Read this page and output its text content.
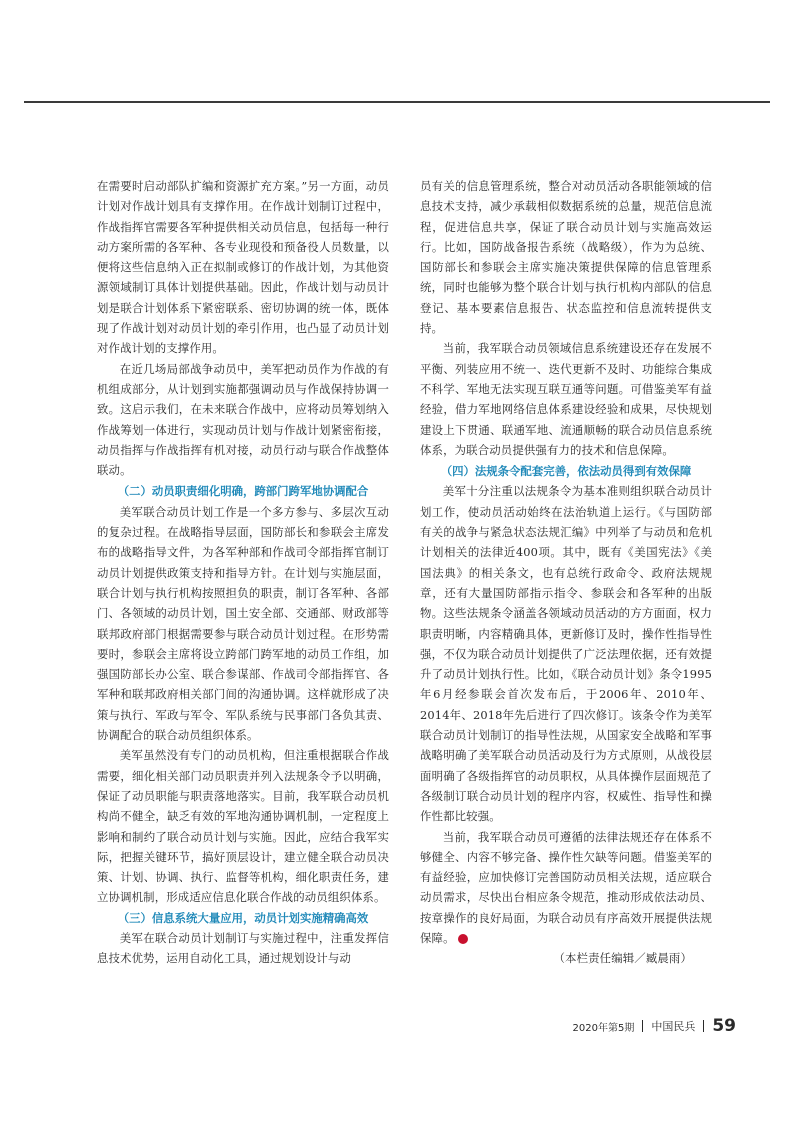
在需要时启动部队扩编和资源扩充方案。”另一方面，动员计划对作战计划具有支撑作用。在作战计划制订过程中，作战指挥官需要各军种提供相关动员信息，包括每一种行动方案所需的各军种、各专业现役和预备役人员数量，以便将这些信息纳入正在拟制或修订的作战计划，为其他资源领域制订具体计划提供基础。因此，作战计划与动员计划是联合计划体系下紧密联系、密切协调的统一体，既体现了作战计划对动员计划的牵引作用，也凸显了动员计划对作战计划的支撑作用。

在近几场局部战争动员中，美军把动员作为作战的有机组成部分，从计划到实施都强调动员与作战保持协调一致。这启示我们，在未来联合作战中，应将动员筹划纳入作战筹划一体进行，实现动员计划与作战计划紧密衔接，动员指挥与作战指挥有机对接，动员行动与联合作战整体联动。

（二）动员职责细化明确，跨部门跨军地协调配合

美军联合动员计划工作是一个多方参与、多层次互动的复杂过程。在战略指导层面，国防部长和参联会主席发布的战略指导文件，为各军种部和作战司令部指挥官制订动员计划提供政策支持和指导方针。在计划与实施层面，联合计划与执行机构按照担负的职责，制订各军种、各部门、各领域的动员计划，国土安全部、交通部、财政部等联邦政府部门根据需要参与联合动员计划过程。在形势需要时，参联会主席将设立跨部门跨军地的动员工作组，加强国防部长办公室、联合参谋部、作战司令部指挥官、各军种和联邦政府相关部门间的沟通协调。这样就形成了决策与执行、军政与军令、军队系统与民事部门各负其责、协调配合的联合动员组织体系。

美军虽然没有专门的动员机构，但注重根据联合作战需要，细化相关部门动员职责并列入法规条令予以明确，保证了动员职能与职责落地落实。目前，我军联合动员机构尚不健全，缺乏有效的军地沟通协调机制，一定程度上影响和制约了联合动员计划与实施。因此，应结合我军实际，把握关键环节，搞好顶层设计，建立健全联合动员决策、计划、协调、执行、监督等机构，细化职责任务，建立协调机制，形成适应信息化联合作战的动员组织体系。

（三）信息系统大量应用，动员计划实施精确高效

美军在联合动员计划制订与实施过程中，注重发挥信息技术优势，运用自动化工具，通过规划设计与动

员有关的信息管理系统，整合对动员活动各职能领域的信息技术支持，减少承载相似数据系统的总量，规范信息流程，促进信息共享，保证了联合动员计划与实施高效运行。比如，国防战备报告系统（战略级），作为为总统、国防部长和参联会主席实施决策提供保障的信息管理系统，同时也能够为整个联合计划与执行机构内部队的信息登记、基本要素信息报告、状态监控和信息流转提供支持。

当前，我军联合动员领域信息系统建设还存在发展不平衡、列装应用不统一、迭代更新不及时、功能综合集成不科学、军地无法实现互联互通等问题。可借鉴美军有益经验，借力军地网络信息体系建设经验和成果，尽快规划建设上下贯通、联通军地、流通顺畅的联合动员信息系统体系，为联合动员提供强有力的技术和信息保障。

（四）法规条令配套完善，依法动员得到有效保障

美军十分注重以法规条令为基本准则组织联合动员计划工作，使动员活动始终在法治轨道上运行。《与国防部有关的战争与紧急状态法规汇编》中列举了与动员和危机计划相关的法律近400项。其中，既有《美国宪法》《美国法典》的相关条文，也有总统行政命令、政府法规规章，还有大量国防部指示指令、参联会和各军种的出版物。这些法规条令涵盖各领域动员活动的方方面面，权力职责明晰，内容精确具体，更新修订及时，操作性指导性强，不仅为联合动员计划提供了广泛法理依据，还有效提升了动员计划执行性。比如，《联合动员计划》条令1995年6月经参联会首次发布后，于2006年、2010年、2014年、2018年先后进行了四次修订。该条令作为美军联合动员计划制订的指导性法规，从国家安全战略和军事战略明确了美军联合动员活动及行为方式原则，从战役层面明确了各级指挥官的动员职权，从具体操作层面规范了各级制订联合动员计划的程序内容，权威性、指导性和操作性都比较强。

当前，我军联合动员可遵循的法律法规还存在体系不够健全、内容不够完备、操作性欠缺等问题。借鉴美军的有益经验，应加快修订完善国防动员相关法规，适应联合动员需求，尽快出台相应条令规范，推动形成依法动员、按章操作的良好局面，为联合动员有序高效开展提供法规保障。	M

（本栏责任编辑／臧晨雨）

2020年第5期 中国民兵 59
